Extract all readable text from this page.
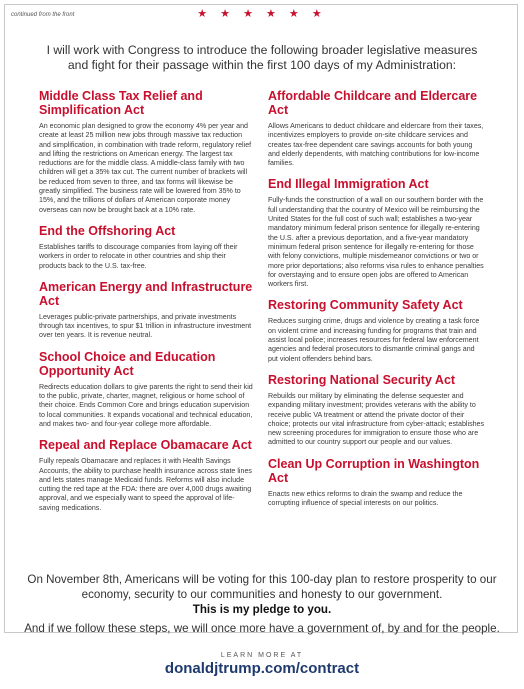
★ ★ ★ ★ ★ ★
continued from the front
I will work with Congress to introduce the following broader legislative measures and fight for their passage within the first 100 days of my Administration:
Middle Class Tax Relief and Simplification Act

An economic plan designed to grow the economy 4% per year and create at least 25 million new jobs through massive tax reduction and simplification, in combination with trade reform, regulatory relief and lifting the restrictions on American energy. The largest tax reductions are for the middle class. A middle-class family with two children will get a 35% tax cut. The current number of brackets will be reduced from seven to three, and tax forms will likewise be greatly simplified. The business rate will be lowered from 35% to 15%, and the trillions of dollars of American corporate money overseas can now be brought back at a 10% rate.

End the Offshoring Act

Establishes tariffs to discourage companies from laying off their workers in order to relocate in other countries and ship their products back to the U.S. tax-free.

American Energy and Infrastructure Act

Leverages public-private partnerships, and private investments through tax incentives, to spur $1 trillion in infrastructure investment over ten years. It is revenue neutral.

School Choice and Education Opportunity Act

Redirects education dollars to give parents the right to send their kid to the public, private, charter, magnet, religious or home school of their choice. Ends Common Core and brings education supervision to local communities. It expands vocational and technical education, and makes two- and four-year college more affordable.

Repeal and Replace Obamacare Act

Fully repeals Obamacare and replaces it with Health Savings Accounts, the ability to purchase health insurance across state lines and lets states manage Medicaid funds. Reforms will also include cutting the red tape at the FDA: there are over 4,000 drugs awaiting approval, and we especially want to speed the approval of life-saving medications.

Affordable Childcare and Eldercare Act

Allows Americans to deduct childcare and eldercare from their taxes, incentivizes employers to provide on-site childcare services and creates tax-free dependent care savings accounts for both young and elderly dependents, with matching contributions for low-income families.

End Illegal Immigration Act

Fully-funds the construction of a wall on our southern border with the full understanding that the country of Mexico will be reimbursing the United States for the full cost of such wall; establishes a two-year mandatory minimum federal prison sentence for illegally re-entering the U.S. after a previous deportation, and a five-year mandatory minimum federal prison sentence for illegally re-entering for those with felony convictions, multiple misdemeanor convictions or two or more prior deportations; also reforms visa rules to enhance penalties for overstaying and to ensure open jobs are offered to American workers first.

Restoring Community Safety Act

Reduces surging crime, drugs and violence by creating a task force on violent crime and increasing funding for programs that train and assist local police; increases resources for federal law enforcement agencies and federal prosecutors to dismantle criminal gangs and put violent offenders behind bars.

Restoring National Security Act

Rebuilds our military by eliminating the defense sequester and expanding military investment; provides veterans with the ability to receive public VA treatment or attend the private doctor of their choice; protects our vital infrastructure from cyber-attack; establishes new screening procedures for immigration to ensure those who are admitted to our country support our people and our values.

Clean Up Corruption in Washington Act

Enacts new ethics reforms to drain the swamp and reduce the corrupting influence of special interests on our politics.

On November 8th, Americans will be voting for this 100-day plan to restore prosperity to our economy, security to our communities and honesty to our government.
This is my pledge to you.
And if we follow these steps, we will once more have a government of, by and for the people.
LEARN MORE AT
donaldjtrump.com/contract
